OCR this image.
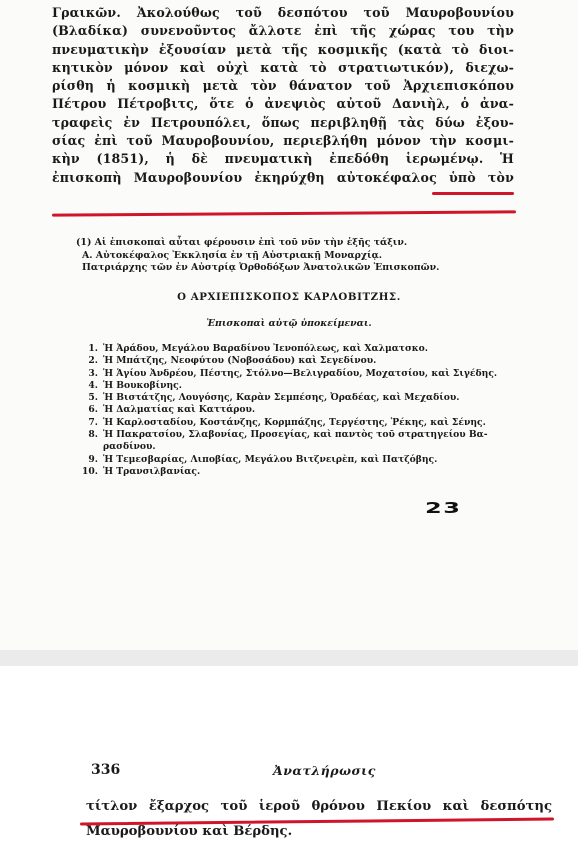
Γραικῶν. Ἀκολούθως τοῦ δεσπότου τοῦ Μαυροβουνίου
(Βλαδίκα) συνενοῦντος ἄλλοτε ἐπὶ τῆς χώρας του τὴν
πνευματικὴν ἐξουσίαν μετὰ τῆς κοσμικῆς (κατὰ τὸ διοι-
κητικὸν μόνον καὶ οὐχὶ κατὰ τὸ στρατιωτικόν), διεχω-
ρίσθη ἡ κοσμικὴ μετὰ τὸν θάνατον τοῦ Ἀρχιεπισκόπου
Πέτρου Πέτροβιτς, ὅτε ὁ ἀνεψιὸς αὐτοῦ Δανιὴλ, ὁ ἀνα-
τραφεὶς ἐν Πετρουπόλει, ὅπως περιβληθῇ τὰς δύω ἐξου-
σίας ἐπὶ τοῦ Μαυροβουνίου, περιεβλήθη μόνον τὴν κοσμι-
κὴν (1851), ἡ δὲ πνευματικὴ ἐπεδόθη ἱερωμένῳ. Ἡ
ἐπισκοπὴ Μαυροβουνίου ἐκηρύχθη αὐτοκέφαλος ὑπὸ τὸν
(1) Αἱ ἐπισκοπαὶ αὗται φέρουσιν ἐπὶ τοῦ νῦν τὴν ἑξῆς τάξιν.
Α. Αὐτοκέφαλος Ἐκκλησία ἐν τῇ Αὐστριακῇ Μοναρχίᾳ.
Πατριάρχης τῶν ἐν Αὐστρίᾳ Ὀρθοδόξων Ἀνατολικῶν Ἐπισκοπῶν.
Ο ΑΡΧΙΕΠΙΣΚΟΠΟΣ ΚΑΡΛΟΒΙΤΖΗΣ.
Ἐπισκοπαὶ αὐτῷ ὑποκείμεναι.
1. Ἡ Ἀράδου, Μεγάλου Βαραδίνου Ἰενοπόλεως, καὶ Χαλματσκο.
2. Ἡ Μπάτζης, Νεοφύτου (Νοβοσάδου) καὶ Σεγεδίνου.
3. Ἡ Ἁγίου Ἀνδρέου, Πέστης, Στόλνο—Βελιγραδίου, Μοχατσίου, καὶ Σιγέδης.
4. Ἡ Βουκοβίνης.
5. Ἡ Βιστάτζης, Λουγόσης, Καρὰν Σεμπέσης, Ὀραδέας, καὶ Μεχαδίου.
6. Ἡ Δαλματίας καὶ Καττάρου.
7. Ἡ Καρλοσταδίου, Κοστάνζης, Κορμπάζης, Τεργέστης, Ῥέκης, καὶ Σένης.
8. Ἡ Πακρατσίου, Σλαβονίας, Προσεγίας, καὶ παντὸς τοῦ στρατηγείου Βα-
ρασδίνου.
9. Ἡ Τεμεσβαρίας, Λιποβίας, Μεγάλου Βιτζνειρὲπ, καὶ Πατζόβης.
10. Ἡ Τρανσιλβανίας.
23
336	Ἀνατλήρωσις
τίτλον ἔξαρχος τοῦ ἱεροῦ θρόνου Πεκίου καὶ δεσπότης
Μαυροβουνίου καὶ Βέρδης.
